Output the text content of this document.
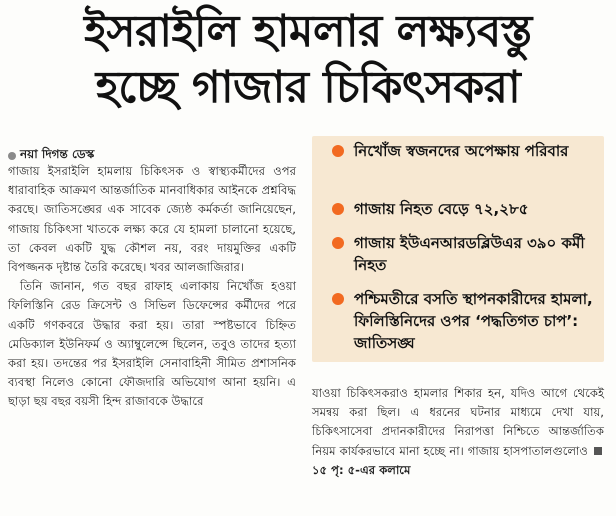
ইসরাইলি হামলার লক্ষ্যবস্তু
হচ্ছে গাজার চিকিৎসকরা
নয়া দিগন্ত ডেস্ক

গাজায় ইসরাইলি হামলায় চিকিৎসক ও স্বাস্থ্যকর্মীদের ওপর ধারাবাহিক আক্রমণ আন্তর্জাতিক মানবাধিকার আইনকে প্রশ্নবিদ্ধ করছে। জাতিসঙ্ঘের এক সাবেক জ্যেষ্ঠ কর্মকর্তা জানিয়েছেন, গাজায় চিকিৎসা খাতকে লক্ষ্য করে যে হামলা চালানো হয়েছে, তা কেবল একটি যুদ্ধ কৌশল নয়, বরং দায়মুক্তির একটি বিপজ্জনক দৃষ্টান্ত তৈরি করেছে। খবর আলজাজিরার।

তিনি জানান, গত বছর রাফাহ এলাকায় নিখোঁজ হওয়া ফিলিস্তিনি রেড ক্রিসেন্ট ও সিভিল ডিফেন্সের কর্মীদের পরে একটি গণকবরে উদ্ধার করা হয়। তারা স্পষ্টভাবে চিহ্নিত মেডিক্যাল ইউনিফর্ম ও অ্যাম্বুলেন্সে ছিলেন, তবুও তাদের হত্যা করা হয়। তদন্তের পর ইসরাইলি সেনাবাহিনী সীমিত প্রশাসনিক ব্যবস্থা নিলেও কোনো ফৌজদারি অভিযোগ আনা হয়নি। এ ছাড়া ছয় বছর বয়সী হিন্দ রাজাবকে উদ্ধারে

নিখোঁজ স্বজনদের অপেক্ষায় পরিবার
গাজায় নিহত বেড়ে ৭২,২৮৫
গাজায় ইউএনআরডব্লিউএর ৩৯০ কর্মী নিহত
পশ্চিমতীরে বসতি স্থাপনকারীদের হামলা, ফিলিস্তিনিদের ওপর ‘পদ্ধতিগত চাপ’: জাতিসঙ্ঘ

যাওয়া চিকিৎসকরাও হামলার শিকার হন, যদিও আগে থেকেই সমন্বয় করা ছিল। এ ধরনের ঘটনার মাধ্যমে দেখা যায়, চিকিৎসাসেবা প্রদানকারীদের নিরাপত্তা নিশ্চিতে আন্তর্জাতিক নিয়ম কার্যকরভাবে মানা হচ্ছে না। গাজায় হাসপাতালগুলোও  ১৫ পৃ: ৫-এর কলামে
